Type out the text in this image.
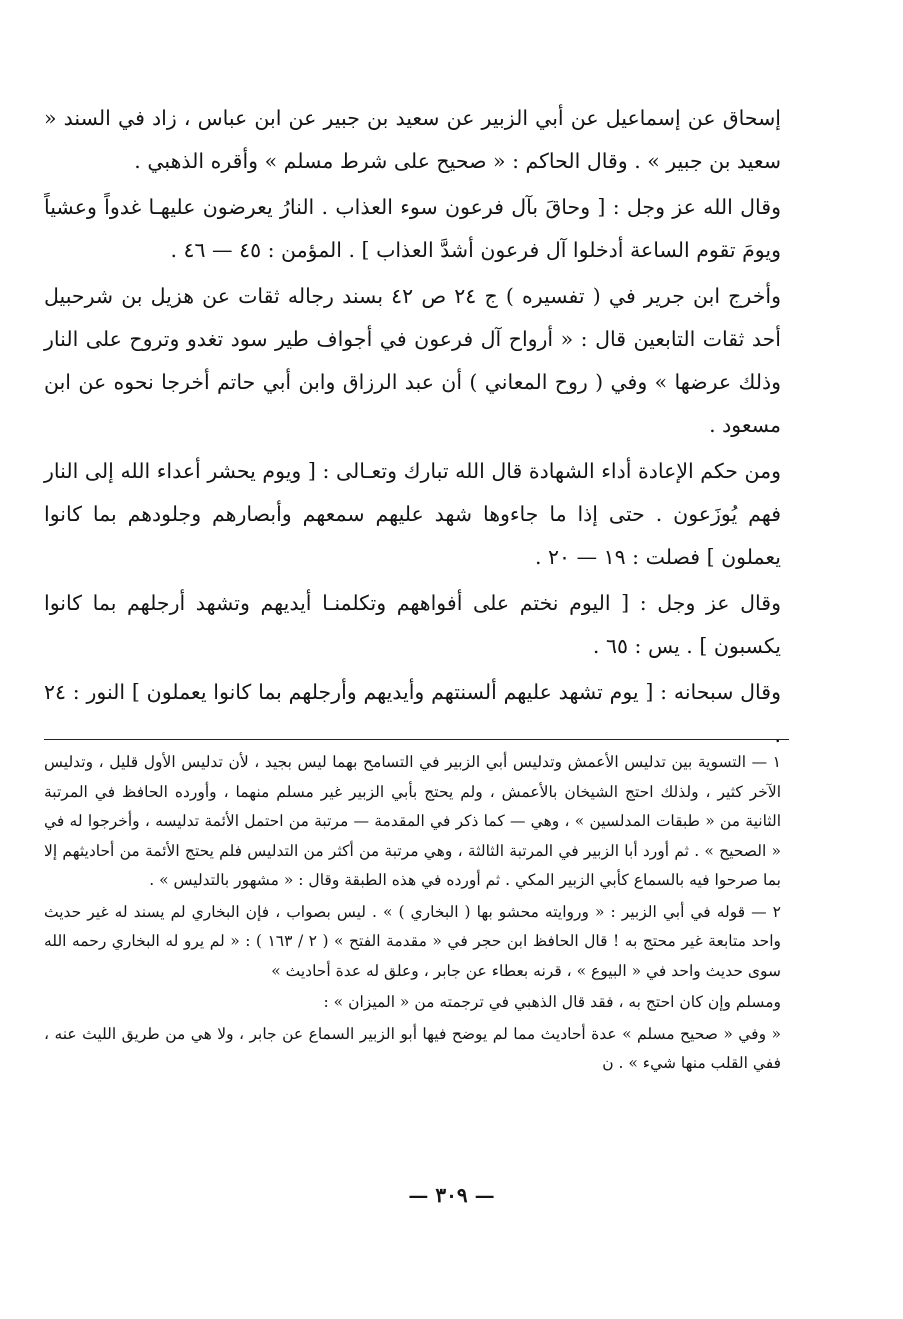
إسحاق عن إسماعيل عن أبي الزبير عن سعيد بن جبير عن ابن عباس ، زاد في السند « سعيد بن جبير » . وقال الحاكم : « صحيح على شرط مسلم » وأقره الذهبي .

وقال الله عز وجل : [ وحاقَ بآل فرعون سوء العذاب . النارُ يعرضون عليهـا غدواً وعشياً ويومَ تقوم الساعة أدخلوا آل فرعون أشدَّ العذاب ] . المؤمن : ٤٥ — ٤٦ .

وأخرج ابن جرير في ( تفسيره ) ج ٢٤ ص ٤٢ بسند رجاله ثقات عن هزيل بن شرحبيل أحد ثقات التابعين قال : « أرواح آل فرعون في أجواف طير سود تغدو وتروح على النار وذلك عرضها » وفي ( روح المعاني ) أن عبد الرزاق وابن أبي حاتم أخرجا نحوه عن ابن مسعود .

ومن حكم الإعادة أداء الشهادة قال الله تبارك وتعـالى : [ ويوم يحشر أعداء الله إلى النار فهم يُوزَعون . حتى إذا ما جاءوها شهد عليهم سمعهم وأبصارهم وجلودهم بما كانوا يعملون ] فصلت : ١٩ — ٢٠ .

وقال عز وجل : [ اليوم نختم على أفواههم وتكلمنـا أيديهم وتشهد أرجلهم بما كانوا يكسبون ] . يس : ٦٥ .

وقال سبحانه : [ يوم تشهد عليهم ألسنتهم وأيديهم وأرجلهم بما كانوا يعملون ] النور : ٢٤ .

١ — التسوية بين تدليس الأعمش وتدليس أبي الزبير في التسامح بهما ليس بجيد ، لأن تدليس الأول قليل ، وتدليس الآخر كثير ، ولذلك احتج الشيخان بالأعمش ، ولم يحتج بأبي الزبير غير مسلم منهما ، وأورده الحافظ في المرتبة الثانية من « طبقات المدلسين » ، وهي — كما ذكر في المقدمة — مرتبة من احتمل الأئمة تدليسه ، وأخرجوا له في « الصحيح » . ثم أورد أبا الزبير في المرتبة الثالثة ، وهي مرتبة من أكثر من التدليس فلم يحتج الأئمة من أحاديثهم إلا بما صرحوا فيه بالسماع كأبي الزبير المكي . ثم أورده في هذه الطبقة وقال : « مشهور بالتدليس » .

٢ — قوله في أبي الزبير : « وروايته محشو بها ( البخاري ) » . ليس بصواب ، فإن البخاري لم يسند له غير حديث واحد متابعة غير محتج به ! قال الحافظ ابن حجر في « مقدمة الفتح » ( ٢ / ١٦٣ ) : « لم يرو له البخاري رحمه الله سوى حديث واحد في « البيوع » ، قرنه بعطاء عن جابر ، وعلق له عدة أحاديث »

ومسلم وإن كان احتج به ، فقد قال الذهبي في ترجمته من « الميزان » :

« وفي « صحيح مسلم » عدة أحاديث مما لم يوضح فيها أبو الزبير السماع عن جابر ، ولا هي من طريق الليث عنه ، ففي القلب منها شيء » . ن

— ٣٠٩ —
